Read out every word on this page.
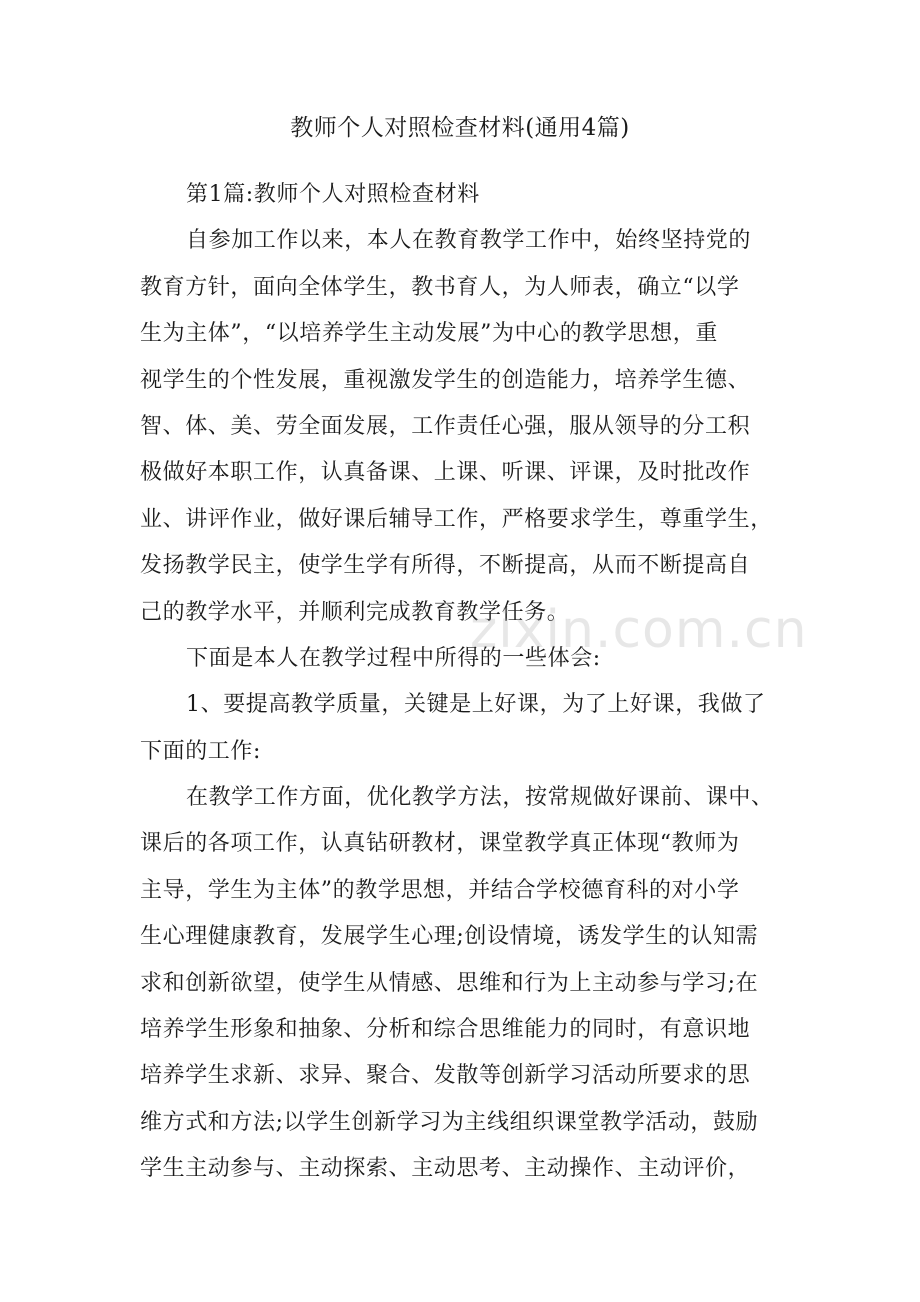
教师个人对照检查材料(通用4篇)
第1篇:教师个人对照检查材料
自参加工作以来，本人在教育教学工作中，始终坚持党的
教育方针，面向全体学生，教书育人，为人师表，确立“以学
生为主体”，“以培养学生主动发展”为中心的教学思想，重
视学生的个性发展，重视激发学生的创造能力，培养学生德、
智、体、美、劳全面发展，工作责任心强，服从领导的分工积
极做好本职工作，认真备课、上课、听课、评课，及时批改作
业、讲评作业，做好课后辅导工作，严格要求学生，尊重学生，
发扬教学民主，使学生学有所得，不断提高，从而不断提高自
己的教学水平，并顺利完成教育教学任务。
下面是本人在教学过程中所得的一些体会:
1、要提高教学质量，关键是上好课，为了上好课，我做了
下面的工作:
在教学工作方面，优化教学方法，按常规做好课前、课中、
课后的各项工作，认真钻研教材，课堂教学真正体现“教师为
主导，学生为主体”的教学思想，并结合学校德育科的对小学
生心理健康教育，发展学生心理;创设情境，诱发学生的认知需
求和创新欲望，使学生从情感、思维和行为上主动参与学习;在
培养学生形象和抽象、分析和综合思维能力的同时，有意识地
培养学生求新、求异、聚合、发散等创新学习活动所要求的思
维方式和方法;以学生创新学习为主线组织课堂教学活动，鼓励
学生主动参与、主动探索、主动思考、主动操作、主动评价，
zixin.com.cn
